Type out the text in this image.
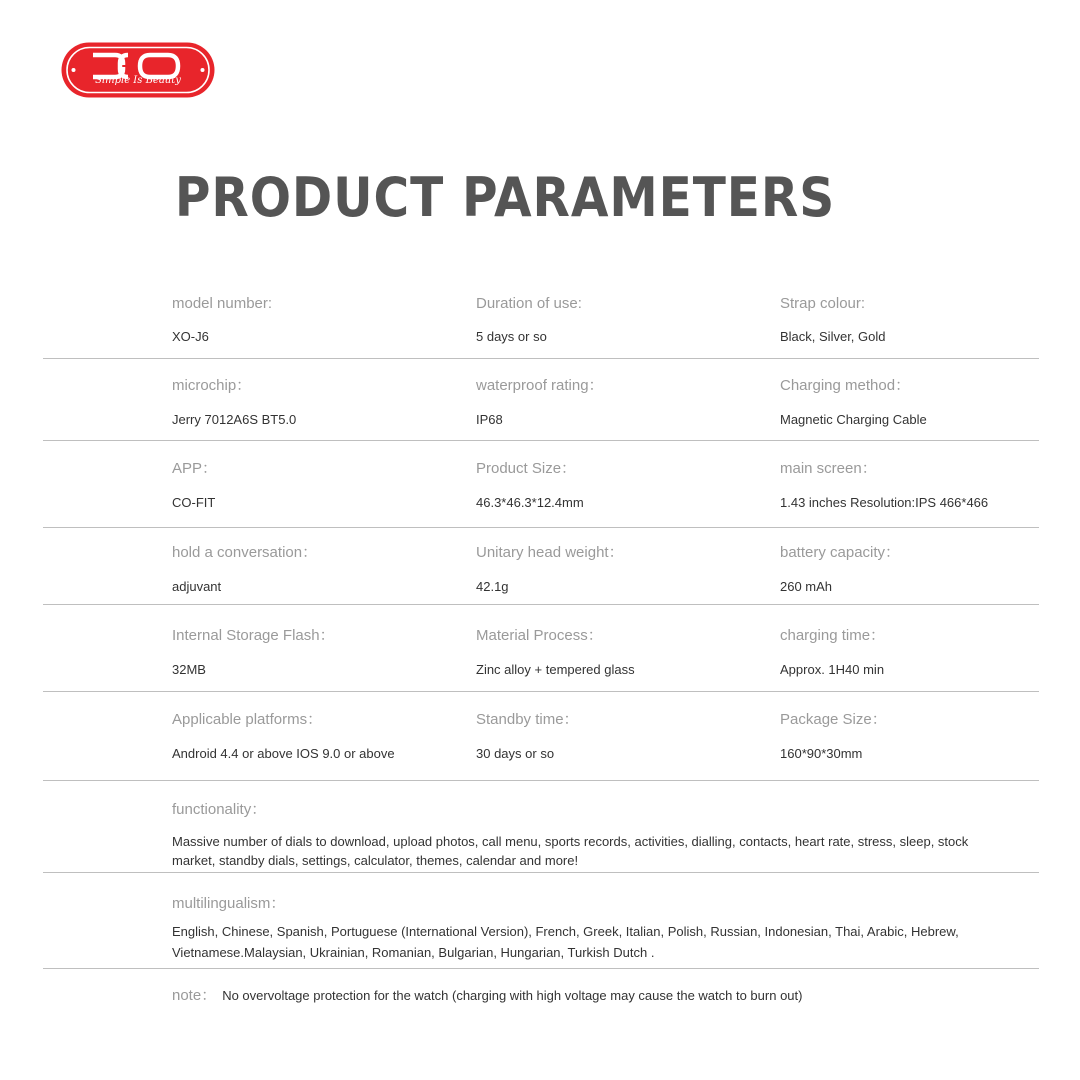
Simple Is Beauty
PRODUCT PARAMETERS
model number:
XO-J6
Duration of use:
5 days or so
Strap colour:
Black, Silver, Gold
microchip：
Jerry 7012A6S BT5.0
waterproof rating：
IP68
Charging method：
Magnetic Charging Cable
APP：
CO-FIT
Product Size：
46.3*46.3*12.4mm
main screen：
1.43 inches Resolution:IPS 466*466
hold a conversation：
adjuvant
Unitary head weight：
42.1g
battery capacity：
260 mAh
Internal Storage Flash：
32MB
Material Process：
Zinc alloy + tempered glass
charging time：
Approx. 1H40 min
Applicable platforms：
Android 4.4 or above IOS 9.0 or above
Standby time：
30 days or so
Package Size：
160*90*30mm
functionality：
Massive number of dials to download, upload photos, call menu, sports records, activities, dialling, contacts, heart rate, stress, sleep, stock market, standby dials, settings, calculator, themes, calendar and more!
multilingualism：
English, Chinese, Spanish, Portuguese (International Version), French, Greek, Italian, Polish, Russian, Indonesian, Thai, Arabic, Hebrew, Vietnamese.Malaysian, Ukrainian, Romanian, Bulgarian, Hungarian, Turkish Dutch .
note： No overvoltage protection for the watch (charging with high voltage may cause the watch to burn out)
